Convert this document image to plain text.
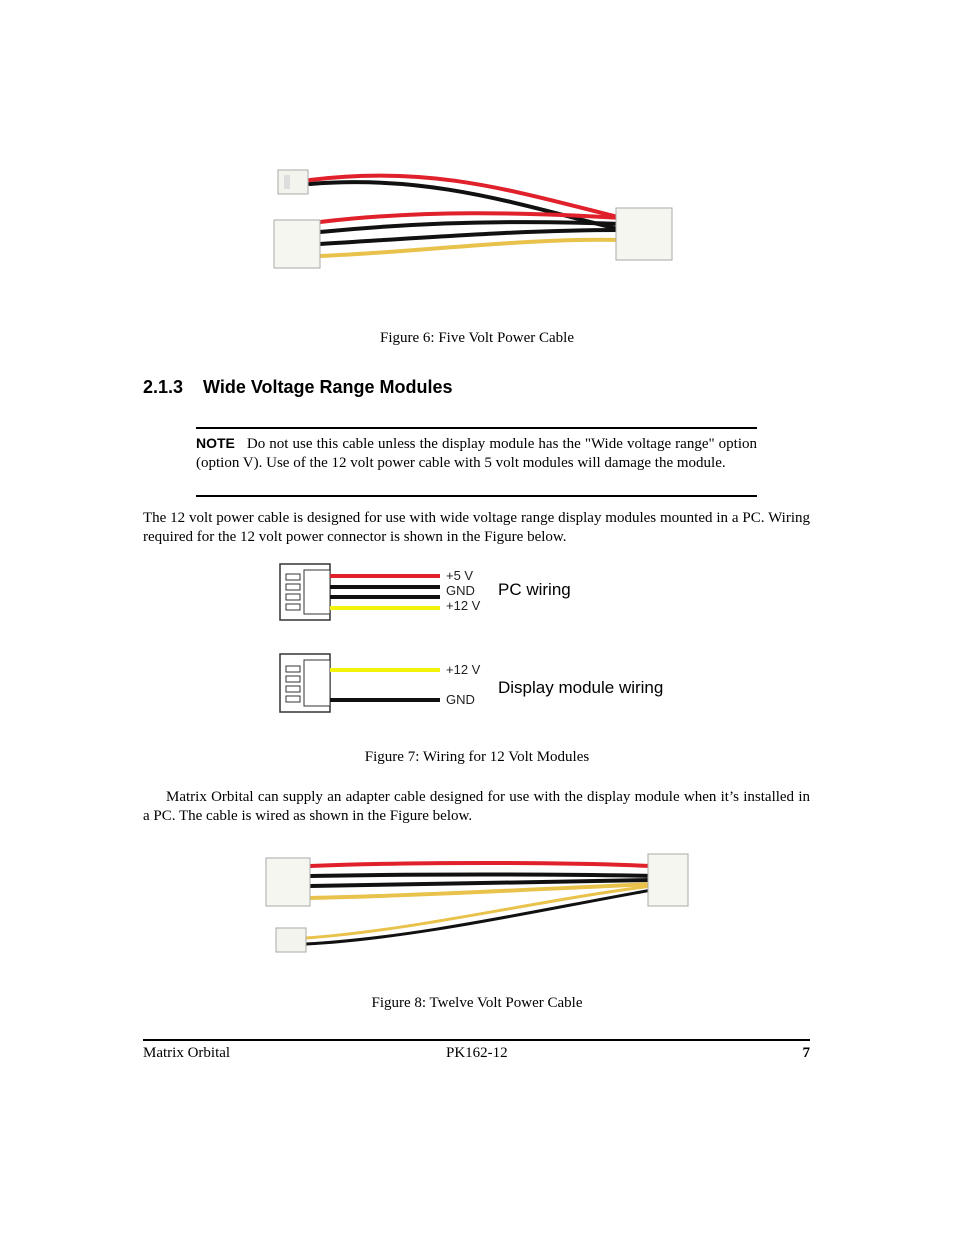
Figure 6: Five Volt Power Cable
2.1.3 Wide Voltage Range Modules
NOTE Do not use this cable unless the display module has the "Wide voltage range" option (option V). Use of the 12 volt power cable with 5 volt modules will damage the module.
The 12 volt power cable is designed for use with wide voltage range display modules mounted in a PC. Wiring required for the 12 volt power connector is shown in the Figure below.
+5 V
GND
+12 V
PC wiring
+12 V
GND
Display module wiring
Figure 7: Wiring for 12 Volt Modules
Matrix Orbital can supply an adapter cable designed for use with the display module when it’s installed in a PC. The cable is wired as shown in the Figure below.
Figure 8: Twelve Volt Power Cable
Matrix Orbital	PK162-12	7
